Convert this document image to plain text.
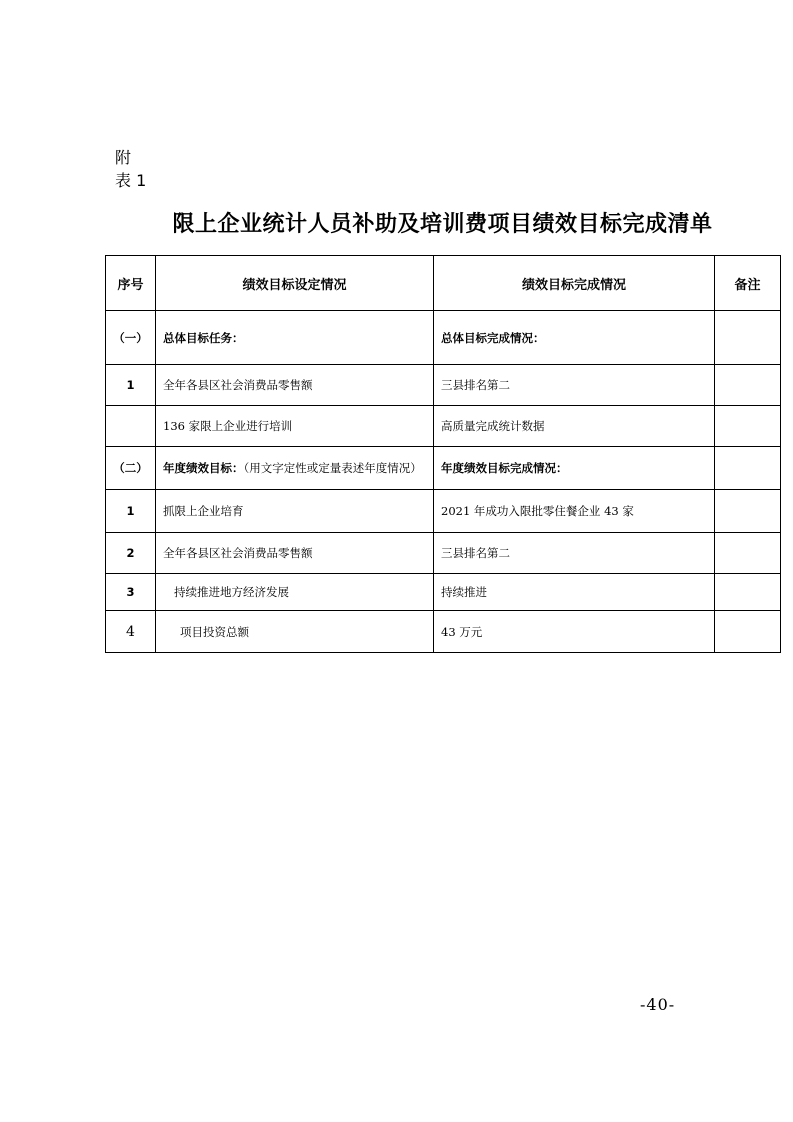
附
表 1
限上企业统计人员补助及培训费项目绩效目标完成清单
序号	绩效目标设定情况	绩效目标完成情况	备注
（一）	总体目标任务：	总体目标完成情况：	
1	全年各县区社会消费品零售额	三县排名第二	
	136 家限上企业进行培训	高质量完成统计数据	
（二）	年度绩效目标：（用文字定性或定量表述年度情况）	年度绩效目标完成情况：	
1	抓限上企业培育	2021 年成功入限批零住餐企业 43 家	
2	全年各县区社会消费品零售额	三县排名第二	
3	持续推进地方经济发展	持续推进	
4	项目投资总额	43 万元	
-40-
